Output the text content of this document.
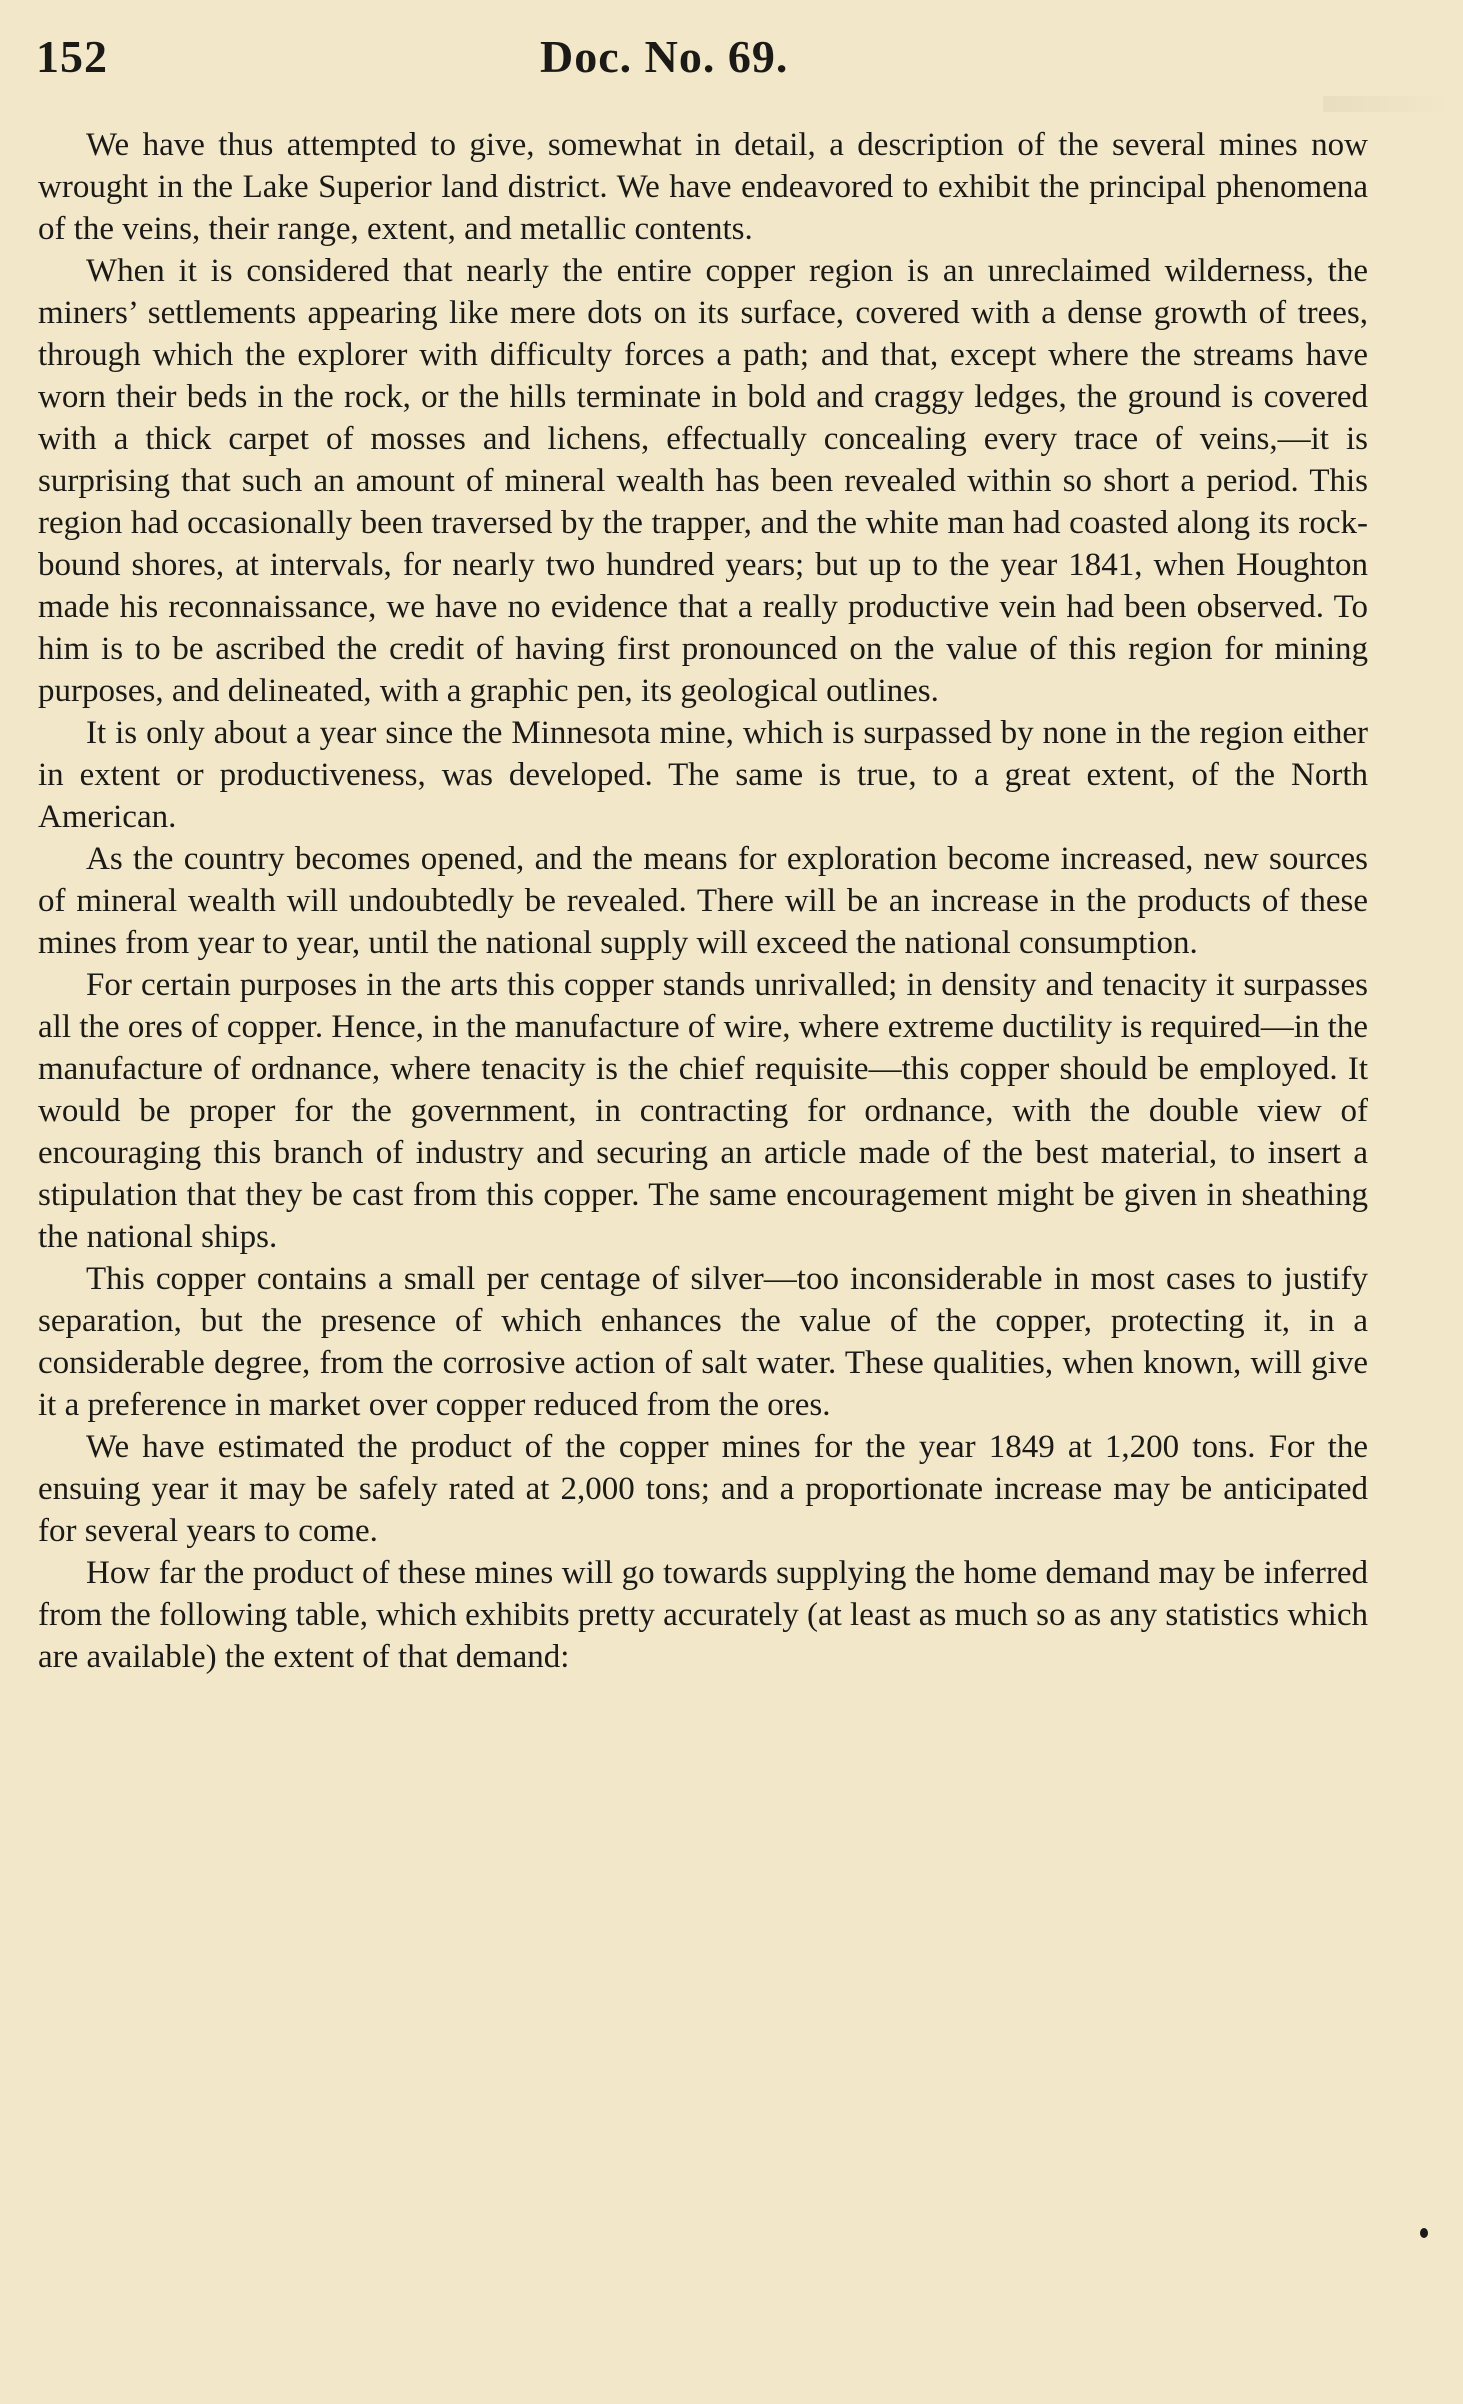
152	Doc. No. 69.

We have thus attempted to give, somewhat in detail, a description of the several mines now wrought in the Lake Superior land district. We have endeavored to exhibit the principal phenomena of the veins, their range, extent, and metallic contents.

When it is considered that nearly the entire copper region is an unreclaimed wilderness, the miners’ settlements appearing like mere dots on its surface, covered with a dense growth of trees, through which the explorer with difficulty forces a path; and that, except where the streams have worn their beds in the rock, or the hills terminate in bold and craggy ledges, the ground is covered with a thick carpet of mosses and lichens, effectually concealing every trace of veins,—it is surprising that such an amount of mineral wealth has been revealed within so short a period. This region had occasionally been traversed by the trapper, and the white man had coasted along its rock-bound shores, at intervals, for nearly two hundred years; but up to the year 1841, when Houghton made his reconnaissance, we have no evidence that a really productive vein had been observed. To him is to be ascribed the credit of having first pronounced on the value of this region for mining purposes, and delineated, with a graphic pen, its geological outlines.

It is only about a year since the Minnesota mine, which is surpassed by none in the region either in extent or productiveness, was developed. The same is true, to a great extent, of the North American.

As the country becomes opened, and the means for exploration become increased, new sources of mineral wealth will undoubtedly be revealed. There will be an increase in the products of these mines from year to year, until the national supply will exceed the national consumption.

For certain purposes in the arts this copper stands unrivalled; in density and tenacity it surpasses all the ores of copper. Hence, in the manufacture of wire, where extreme ductility is required—in the manufacture of ordnance, where tenacity is the chief requisite—this copper should be employed. It would be proper for the government, in contracting for ordnance, with the double view of encouraging this branch of industry and securing an article made of the best material, to insert a stipulation that they be cast from this copper. The same encouragement might be given in sheathing the national ships.

This copper contains a small per centage of silver—too inconsiderable in most cases to justify separation, but the presence of which enhances the value of the copper, protecting it, in a considerable degree, from the corrosive action of salt water. These qualities, when known, will give it a preference in market over copper reduced from the ores.

We have estimated the product of the copper mines for the year 1849 at 1,200 tons. For the ensuing year it may be safely rated at 2,000 tons; and a proportionate increase may be anticipated for several years to come.

How far the product of these mines will go towards supplying the home demand may be inferred from the following table, which exhibits pretty accurately (at least as much so as any statistics which are available) the extent of that demand:
